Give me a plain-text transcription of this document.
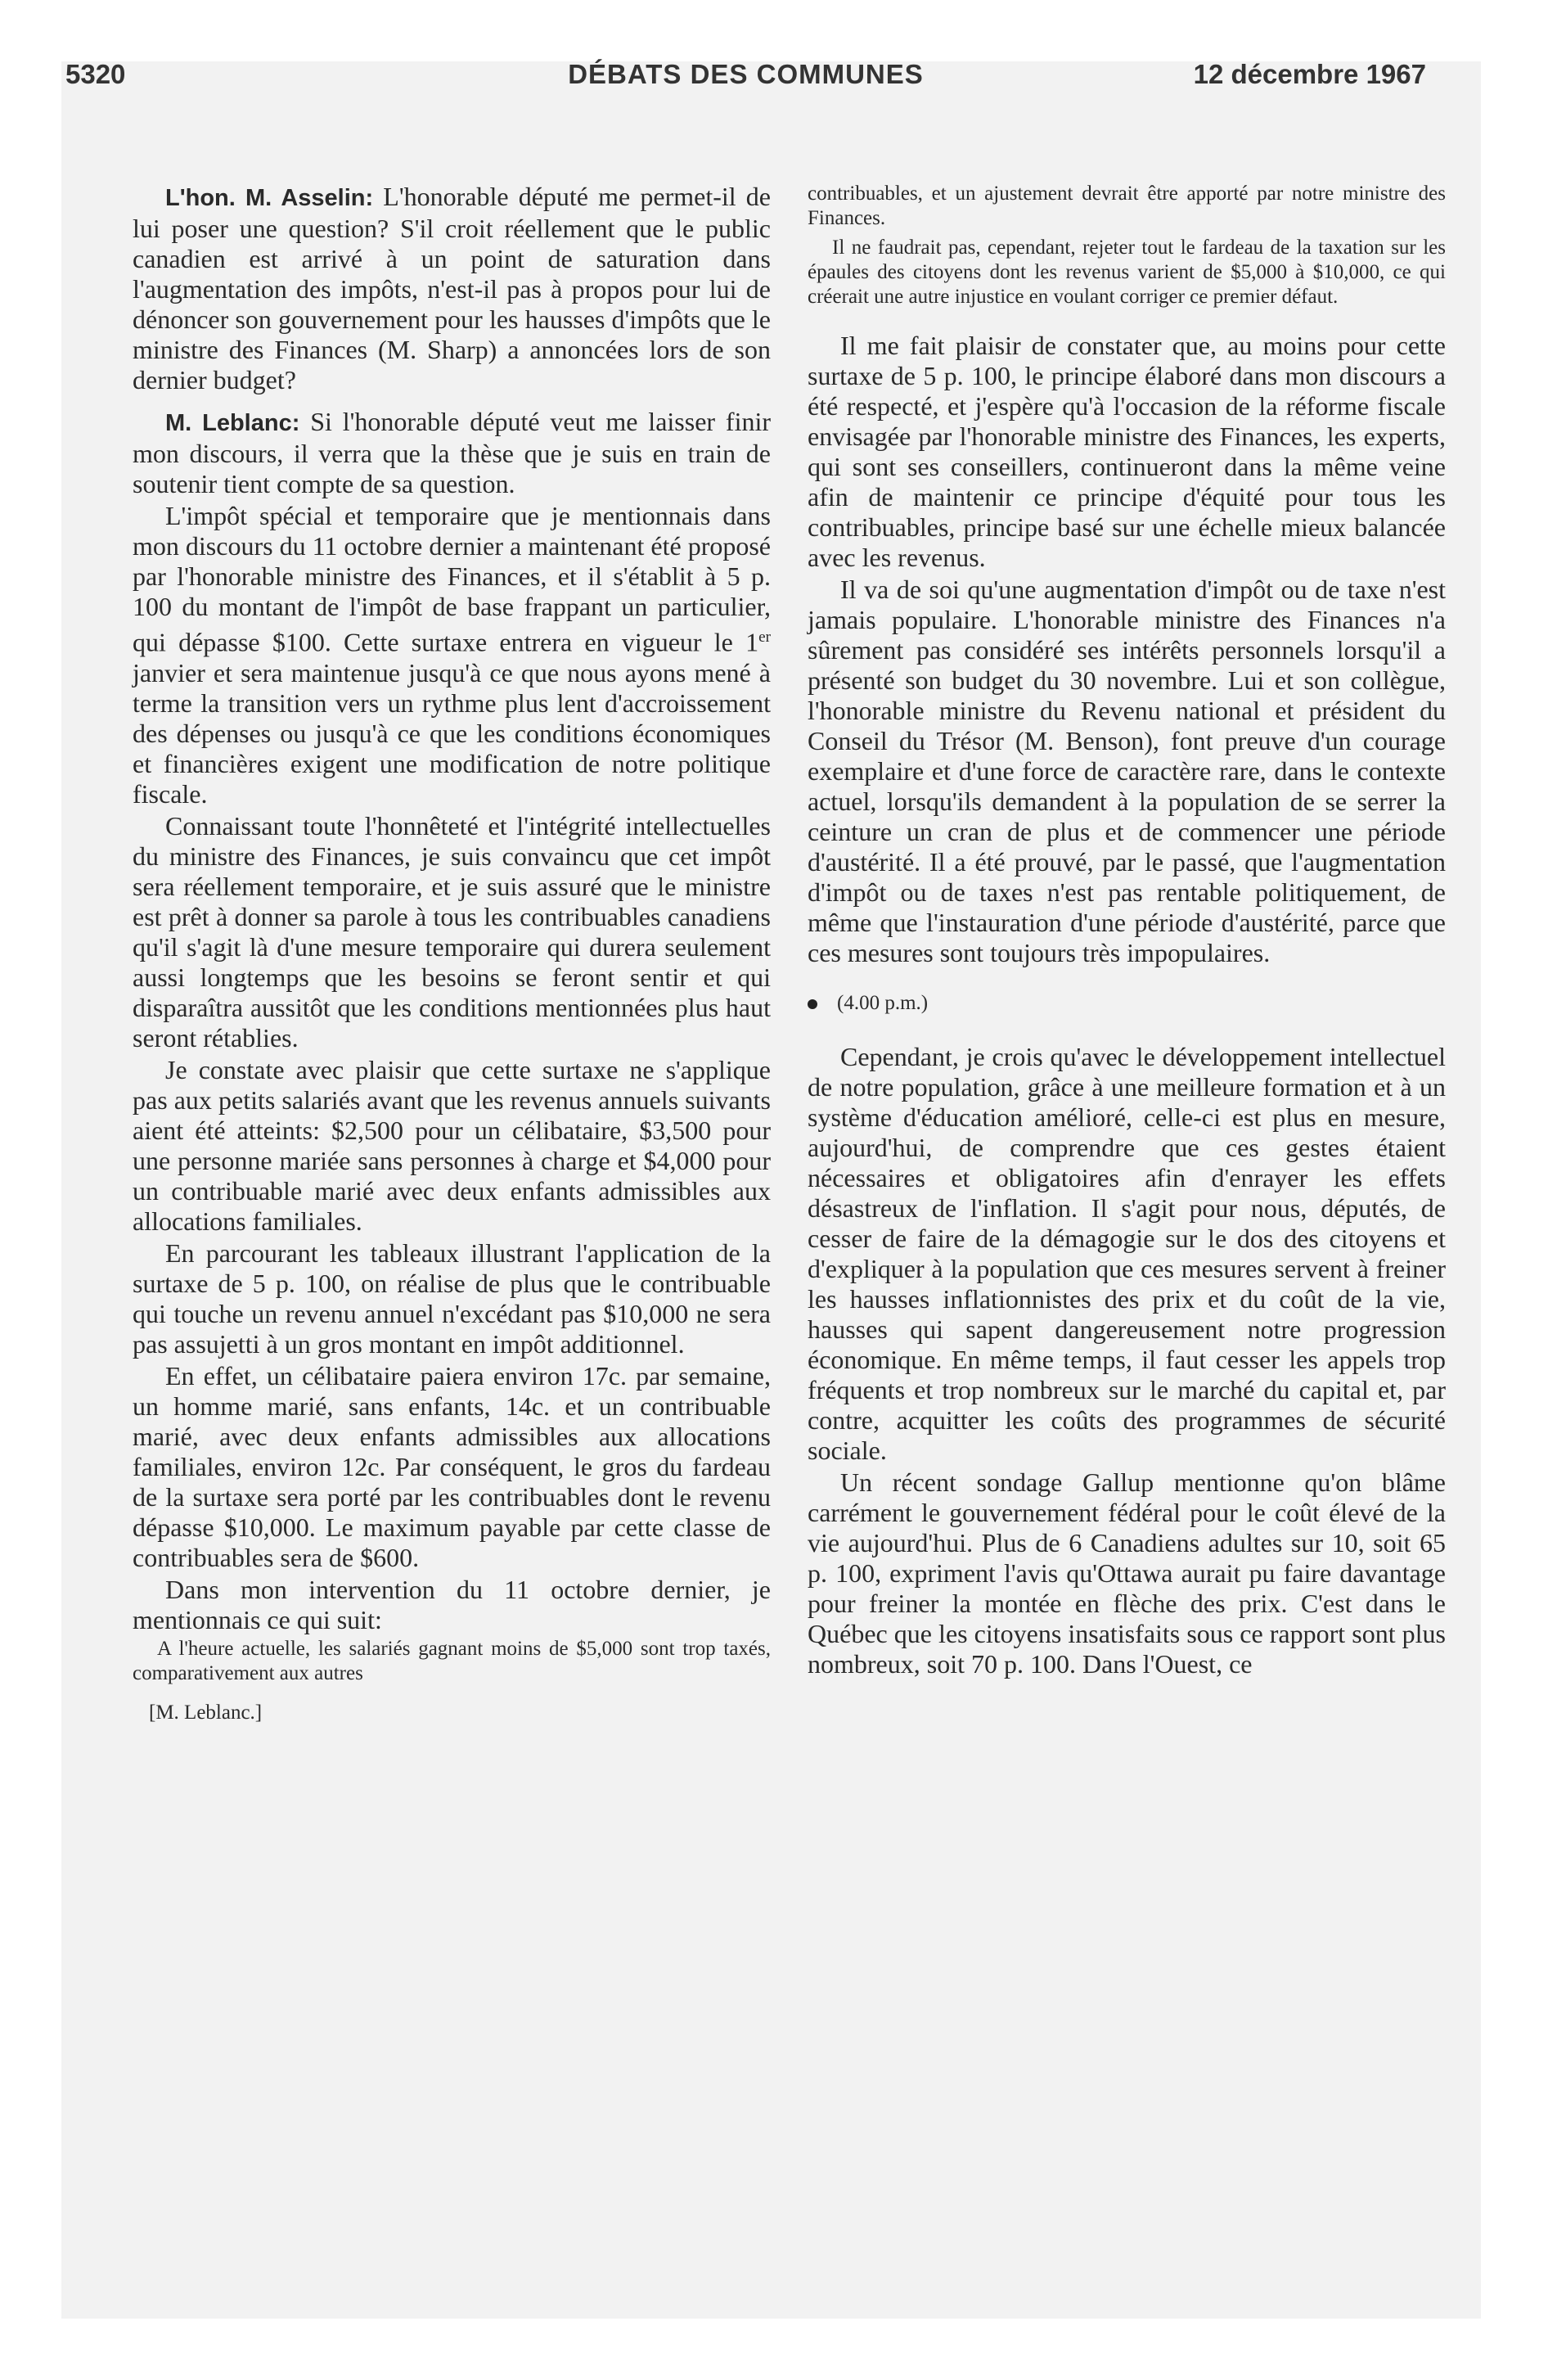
5320	DÉBATS DES COMMUNES	12 décembre 1967

L'hon. M. Asselin: L'honorable député me permet-il de lui poser une question? S'il croit réellement que le public canadien est arrivé à un point de saturation dans l'augmentation des impôts, n'est-il pas à propos pour lui de dénoncer son gouvernement pour les hausses d'impôts que le ministre des Finances (M. Sharp) a annoncées lors de son dernier budget?

M. Leblanc: Si l'honorable député veut me laisser finir mon discours, il verra que la thèse que je suis en train de soutenir tient compte de sa question.

L'impôt spécial et temporaire que je mentionnais dans mon discours du 11 octobre dernier a maintenant été proposé par l'honorable ministre des Finances, et il s'établit à 5 p. 100 du montant de l'impôt de base frappant un particulier, qui dépasse $100. Cette surtaxe entrera en vigueur le 1er janvier et sera maintenue jusqu'à ce que nous ayons mené à terme la transition vers un rythme plus lent d'accroissement des dépenses ou jusqu'à ce que les conditions économiques et financières exigent une modification de notre politique fiscale.

Connaissant toute l'honnêteté et l'intégrité intellectuelles du ministre des Finances, je suis convaincu que cet impôt sera réellement temporaire, et je suis assuré que le ministre est prêt à donner sa parole à tous les contribuables canadiens qu'il s'agit là d'une mesure temporaire qui durera seulement aussi longtemps que les besoins se feront sentir et qui disparaîtra aussitôt que les conditions mentionnées plus haut seront rétablies.

Je constate avec plaisir que cette surtaxe ne s'applique pas aux petits salariés avant que les revenus annuels suivants aient été atteints: $2,500 pour un célibataire, $3,500 pour une personne mariée sans personnes à charge et $4,000 pour un contribuable marié avec deux enfants admissibles aux allocations familiales.

En parcourant les tableaux illustrant l'application de la surtaxe de 5 p. 100, on réalise de plus que le contribuable qui touche un revenu annuel n'excédant pas $10,000 ne sera pas assujetti à un gros montant en impôt additionnel.

En effet, un célibataire paiera environ 17c. par semaine, un homme marié, sans enfants, 14c. et un contribuable marié, avec deux enfants admissibles aux allocations familiales, environ 12c. Par conséquent, le gros du fardeau de la surtaxe sera porté par les contribuables dont le revenu dépasse $10,000. Le maximum payable par cette classe de contribuables sera de $600.

Dans mon intervention du 11 octobre dernier, je mentionnais ce qui suit:

A l'heure actuelle, les salariés gagnant moins de $5,000 sont trop taxés, comparativement aux autres

[M. Leblanc.]

contribuables, et un ajustement devrait être apporté par notre ministre des Finances.

Il ne faudrait pas, cependant, rejeter tout le fardeau de la taxation sur les épaules des citoyens dont les revenus varient de $5,000 à $10,000, ce qui créerait une autre injustice en voulant corriger ce premier défaut.

Il me fait plaisir de constater que, au moins pour cette surtaxe de 5 p. 100, le principe élaboré dans mon discours a été respecté, et j'espère qu'à l'occasion de la réforme fiscale envisagée par l'honorable ministre des Finances, les experts, qui sont ses conseillers, continueront dans la même veine afin de maintenir ce principe d'équité pour tous les contribuables, principe basé sur une échelle mieux balancée avec les revenus.

Il va de soi qu'une augmentation d'impôt ou de taxe n'est jamais populaire. L'honorable ministre des Finances n'a sûrement pas considéré ses intérêts personnels lorsqu'il a présenté son budget du 30 novembre. Lui et son collègue, l'honorable ministre du Revenu national et président du Conseil du Trésor (M. Benson), font preuve d'un courage exemplaire et d'une force de caractère rare, dans le contexte actuel, lorsqu'ils demandent à la population de se serrer la ceinture un cran de plus et de commencer une période d'austérité. Il a été prouvé, par le passé, que l'augmentation d'impôt ou de taxes n'est pas rentable politiquement, de même que l'instauration d'une période d'austérité, parce que ces mesures sont toujours très impopulaires.

(4.00 p.m.)

Cependant, je crois qu'avec le développement intellectuel de notre population, grâce à une meilleure formation et à un système d'éducation amélioré, celle-ci est plus en mesure, aujourd'hui, de comprendre que ces gestes étaient nécessaires et obligatoires afin d'enrayer les effets désastreux de l'inflation. Il s'agit pour nous, députés, de cesser de faire de la démagogie sur le dos des citoyens et d'expliquer à la population que ces mesures servent à freiner les hausses inflationnistes des prix et du coût de la vie, hausses qui sapent dangereusement notre progression économique. En même temps, il faut cesser les appels trop fréquents et trop nombreux sur le marché du capital et, par contre, acquitter les coûts des programmes de sécurité sociale.

Un récent sondage Gallup mentionne qu'on blâme carrément le gouvernement fédéral pour le coût élevé de la vie aujourd'hui. Plus de 6 Canadiens adultes sur 10, soit 65 p. 100, expriment l'avis qu'Ottawa aurait pu faire davantage pour freiner la montée en flèche des prix. C'est dans le Québec que les citoyens insatisfaits sous ce rapport sont plus nombreux, soit 70 p. 100. Dans l'Ouest, ce
